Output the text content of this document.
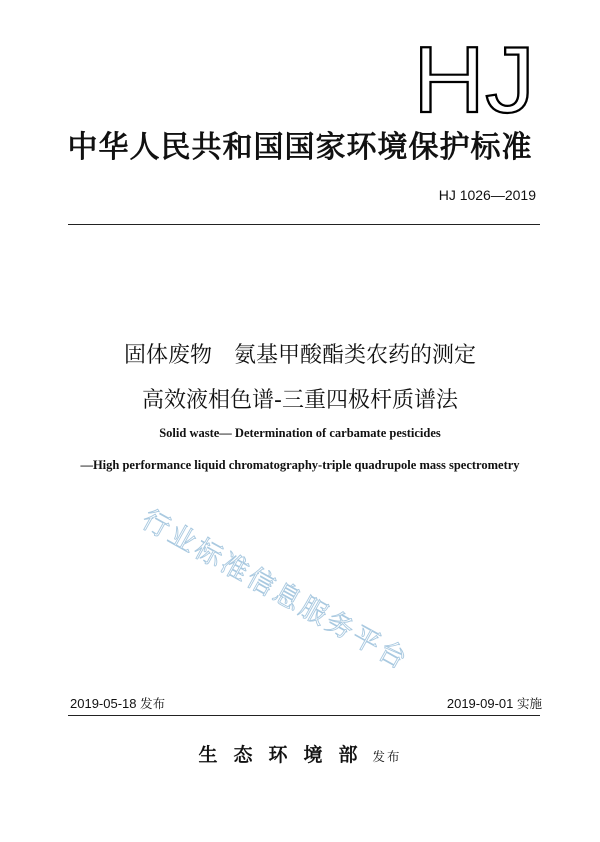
HJ
中华人民共和国国家环境保护标准
HJ 1026—2019
固体废物　氨基甲酸酯类农药的测定
高效液相色谱-三重四极杆质谱法
Solid waste— Determination of carbamate pesticides
—High performance liquid chromatography-triple quadrupole mass spectrometry
行业标准信息服务平台
2019-05-18 发布	2019-09-01 实施
生态环境部 发布
